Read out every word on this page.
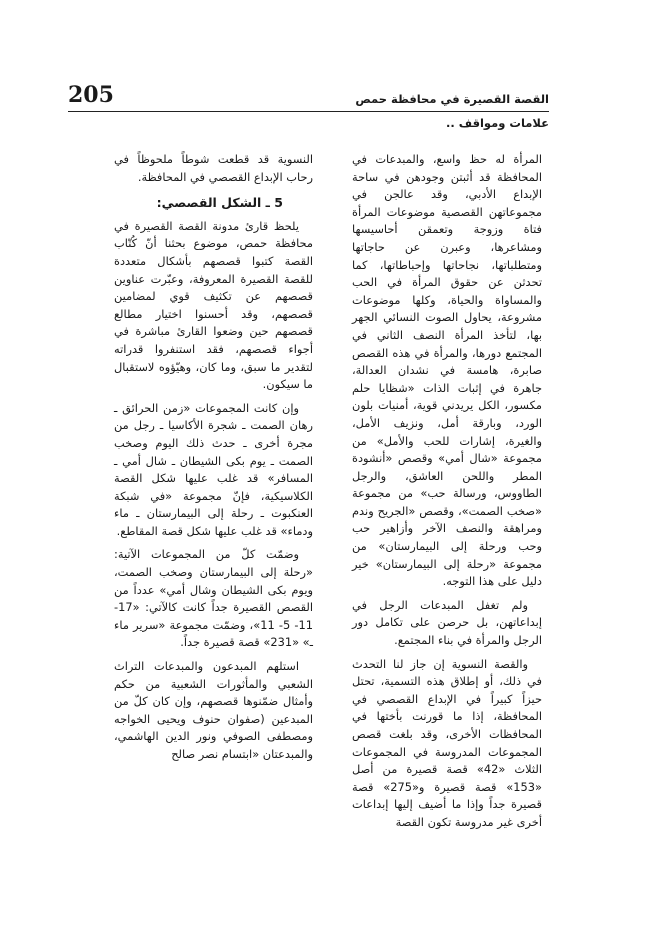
205	القصة القصيرة في محافظة حمص
علامات ومواقف ..

المرأة له حظ واسع، والمبدعات في المحافظة قد أثبتن وجودهن في ساحة الإبداع الأدبي، وقد عالجن في مجموعاتهن القصصية موضوعات المرأة فتاة وزوجة وتعمقن أحاسيسها ومشاعرها، وعبرن عن حاجاتها ومتطلباتها، نجاحاتها وإحباطاتها، كما تحدثن عن حقوق المرأة في الحب والمساواة والحياة، وكلها موضوعات مشروعة، يحاول الصوت النسائي الجهر بها، لتأخذ المرأة النصف الثاني في المجتمع دورها، والمرأة في هذه القصص صابرة، هامسة في نشدان العدالة، جاهرة في إثبات الذات «شظايا حلم مكسور، الكل يريدني قوية، أمنيات بلون الورد، وبارقة أمل، ونزيف الأمل، والغيرة، إشارات للحب والأمل» من مجموعة «شال أمي» وقصص «أنشودة المطر واللحن العاشق، والرجل الطاووس، ورسالة حب» من مجموعة «صخب الصمت»، وقصص «الجريح وندم ومراهقة والنصف الآخر وأزاهير حب وحب ورحلة إلى البيمارستان» من مجموعة «رحلة إلى البيمارستان» خير دليل على هذا التوجه.

ولم تغفل المبدعات الرجل في إبداعاتهن، بل حرصن على تكامل دور الرجل والمرأة في بناء المجتمع.

والقصة النسوية إن جاز لنا التحدث في ذلك، أو إطلاق هذه التسمية، تحتل حيزاً كبيراً في الإبداع القصصي في المحافظة، إذا ما قورنت بأختها في المحافظات الأخرى، وقد بلغت قصص المجموعات المدروسة في المجموعات الثلاث «42» قصة قصيرة من أصل «153» قصة قصيرة و«275» قصة قصيرة جداً وإذا ما أضيف إليها إبداعات أخرى غير مدروسة تكون القصة

النسوية قد قطعت شوطاً ملحوظاً في رحاب الإبداع القصصي في المحافظة.

5 ـ الشكل القصصي:

يلحظ قارئ مدونة القصة القصيرة في محافظة حمص، موضوع بحثنا أنّ كُتّاب القصة كتبوا قصصهم بأشكال متعددة للقصة القصيرة المعروفة، وعبّرت عناوين قصصهم عن تكثيف قوي لمضامين قصصهم، وقد أحسنوا اختيار مطالع قصصهم حين وضعوا القارئ مباشرة في أجواء قصصهم، فقد استنفروا قدراته لتقدير ما سبق، وما كان، وهيّؤوه لاستقبال ما سيكون.

وإن كانت المجموعات «زمن الحرائق ـ رهان الصمت ـ شجرة الأكاسيا ـ رجل من مجرة أخرى ـ حدث ذلك اليوم وصخب الصمت ـ يوم بكى الشيطان ـ شال أمي ـ المسافر» قد غلب عليها شكل القصة الكلاسيكية، فإنّ مجموعة «في شبكة العنكبوت ـ رحلة إلى البيمارستان ـ ماء ودماء» قد غلب عليها شكل قصة المقاطع.

وضمّت كلّ من المجموعات الآتية: «رحلة إلى البيمارستان وصخب الصمت، ويوم بكى الشيطان وشال أمي» عدداً من القصص القصيرة جداً كانت كالآتي: «17- 11- 5- 11»، وضمّت مجموعة «سرير ماء ـ» «231» قصة قصيرة جداً.

استلهم المبدعون والمبدعات التراث الشعبي والمأثورات الشعبية من حكم وأمثال ضمّنوها قصصهم، وإن كان كلّ من المبدعين (صفوان حنوف ويحيى الخواجه ومصطفى الصوفي ونور الدين الهاشمي، والمبدعتان «ابتسام نصر صالح
